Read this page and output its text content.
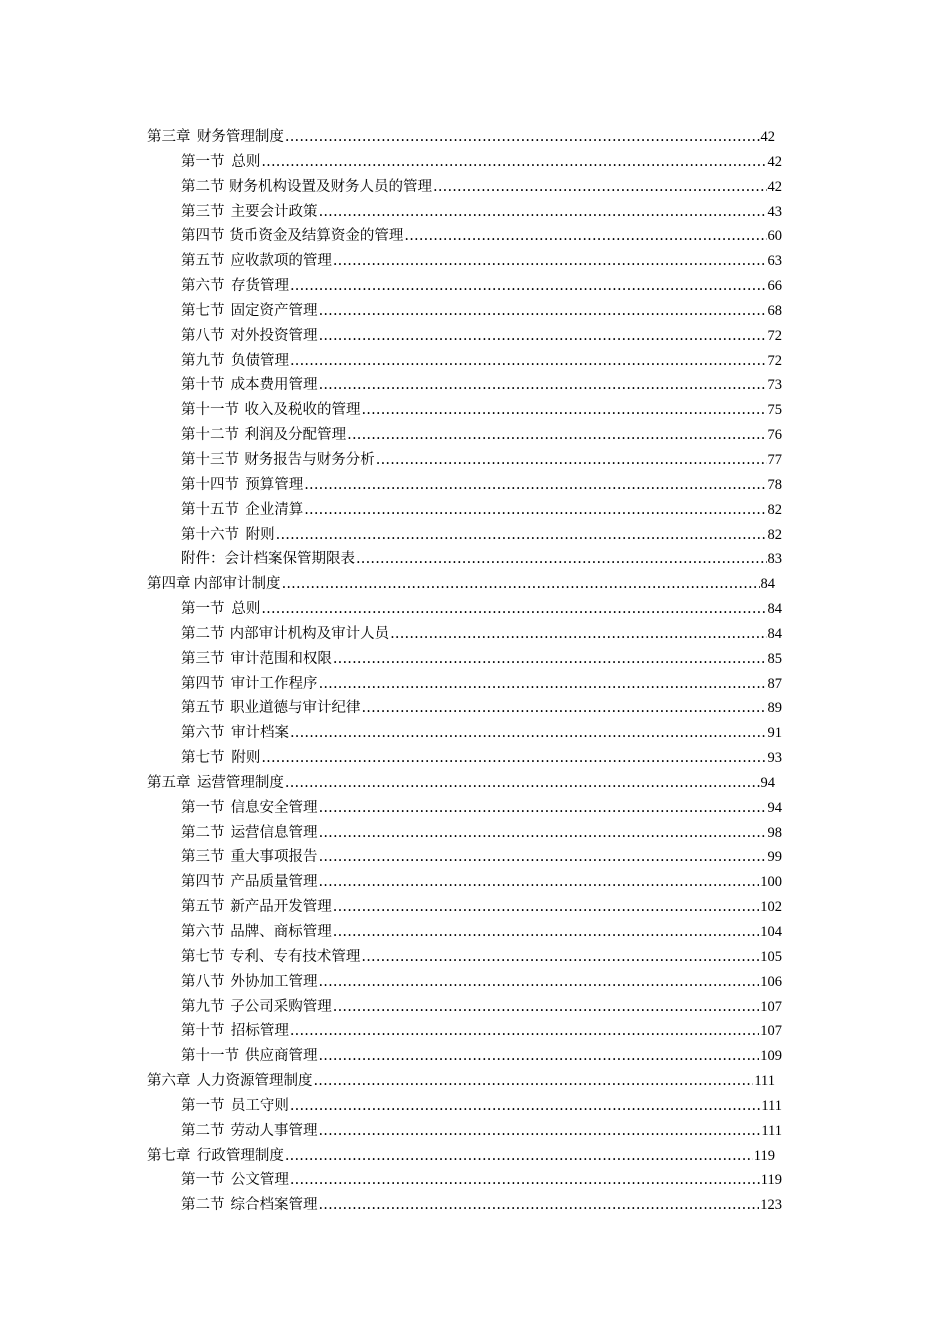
第三章 财务管理制度 .....	42
第一节 总则 .....	42
第二节 财务机构设置及财务人员的管理 .....	42
第三节 主要会计政策 .....	43
第四节 货币资金及结算资金的管理 .....	60
第五节 应收款项的管理 .....	63
第六节 存货管理 .....	66
第七节 固定资产管理 .....	68
第八节 对外投资管理 .....	72
第九节 负债管理 .....	72
第十节 成本费用管理 .....	73
第十一节 收入及税收的管理 .....	75
第十二节 利润及分配管理 .....	76
第十三节 财务报告与财务分析 .....	77
第十四节 预算管理 .....	78
第十五节 企业清算 .....	82
第十六节 附则 .....	82
附件： 会计档案保管期限表 .....	83
第四章 内部审计制度 .....	84
第一节 总则 .....	84
第二节 内部审计机构及审计人员 .....	84
第三节 审计范围和权限 .....	85
第四节 审计工作程序 .....	87
第五节 职业道德与审计纪律 .....	89
第六节 审计档案 .....	91
第七节 附则 .....	93
第五章 运营管理制度 .....	94
第一节 信息安全管理 .....	94
第二节 运营信息管理 .....	98
第三节 重大事项报告 .....	99
第四节 产品质量管理 .....	100
第五节 新产品开发管理 .....	102
第六节 品牌、商标管理 .....	104
第七节 专利、专有技术管理 .....	105
第八节 外协加工管理 .....	106
第九节 子公司采购管理 .....	107
第十节 招标管理 .....	107
第十一节 供应商管理 .....	109
第六章 人力资源管理制度 .....	111
第一节 员工守则 .....	111
第二节 劳动人事管理 .....	111
第七章 行政管理制度 .....	119
第一节 公文管理 .....	119
第二节 综合档案管理 .....	123
